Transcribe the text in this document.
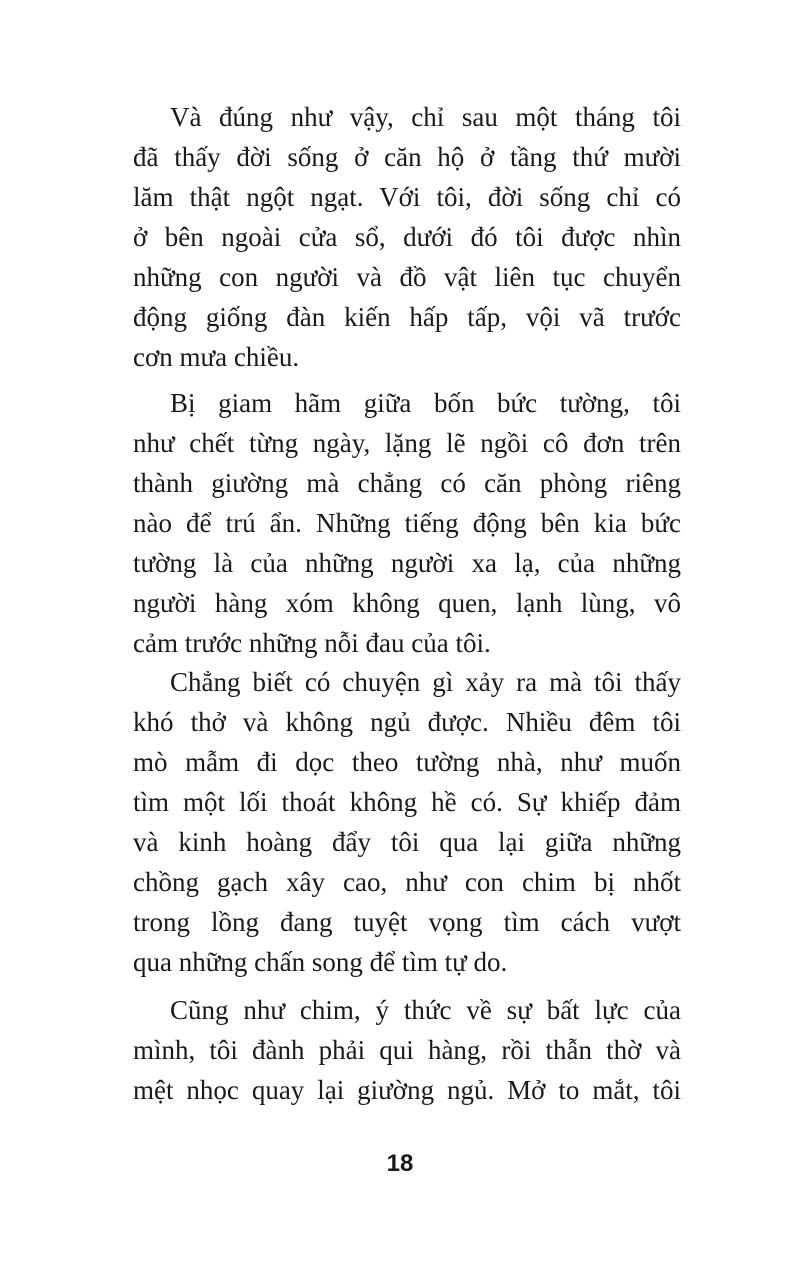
Và đúng như vậy, chỉ sau một tháng tôi
đã thấy đời sống ở căn hộ ở tầng thứ mười
lăm thật ngột ngạt. Với tôi, đời sống chỉ có
ở bên ngoài cửa sổ, dưới đó tôi được nhìn
những con người và đồ vật liên tục chuyển
động giống đàn kiến hấp tấp, vội vã trước
cơn mưa chiều.
Bị giam hãm giữa bốn bức tường, tôi
như chết từng ngày, lặng lẽ ngồi cô đơn trên
thành giường mà chẳng có căn phòng riêng
nào để trú ẩn. Những tiếng động bên kia bức
tường là của những người xa lạ, của những
người hàng xóm không quen, lạnh lùng, vô
cảm trước những nỗi đau của tôi.
Chẳng biết có chuyện gì xảy ra mà tôi thấy
khó thở và không ngủ được. Nhiều đêm tôi
mò mẫm đi dọc theo tường nhà, như muốn
tìm một lối thoát không hề có. Sự khiếp đảm
và kinh hoàng đẩy tôi qua lại giữa những
chồng gạch xây cao, như con chim bị nhốt
trong lồng đang tuyệt vọng tìm cách vượt
qua những chấn song để tìm tự do.
Cũng như chim, ý thức về sự bất lực của
mình, tôi đành phải qui hàng, rồi thẫn thờ và
mệt nhọc quay lại giường ngủ. Mở to mắt, tôi
18
